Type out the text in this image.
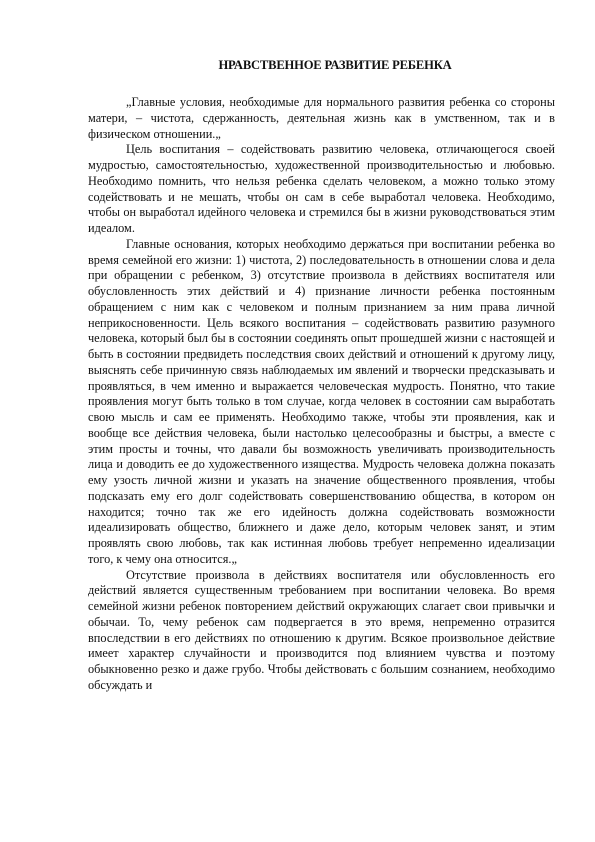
НРАВСТВЕННОЕ РАЗВИТИЕ РЕБЕНКА

„Главные условия, необходимые для нормального развития ребенка со стороны матери, – чистота, сдержанность, деятельная жизнь как в умственном, так и в физическом отношении.„

Цель воспитания – содействовать развитию человека, отличающегося своей мудростью, самостоятельностью, художественной производительностью и любовью. Необходимо помнить, что нельзя ребенка сделать человеком, а можно только этому содействовать и не мешать, чтобы он сам в себе выработал человека. Необходимо, чтобы он выработал идейного человека и стремился бы в жизни руководствоваться этим идеалом.

Главные основания, которых необходимо держаться при воспитании ребенка во время семейной его жизни: 1) чистота, 2) последовательность в отношении слова и дела при обращении с ребенком, 3) отсутствие произвола в действиях воспитателя или обусловленность этих действий и 4) признание личности ребенка постоянным обращением с ним как с человеком и полным признанием за ним права личной неприкосновенности. Цель всякого воспитания – содействовать развитию разумного человека, который был бы в состоянии соединять опыт прошедшей жизни с настоящей и быть в состоянии предвидеть последствия своих действий и отношений к другому лицу, выяснять себе причинную связь наблюдаемых им явлений и творчески предсказывать и проявляться, в чем именно и выражается человеческая мудрость. Понятно, что такие проявления могут быть только в том случае, когда человек в состоянии сам выработать свою мысль и сам ее применять. Необходимо также, чтобы эти проявления, как и вообще все действия человека, были настолько целесообразны и быстры, а вместе с этим просты и точны, что давали бы возможность увеличивать производительность лица и доводить ее до художественного изящества. Мудрость человека должна показать ему узость личной жизни и указать на значение общественного проявления, чтобы подсказать ему его долг содействовать совершенствованию общества, в котором он находится; точно так же его идейность должна содействовать возможности идеализировать общество, ближнего и даже дело, которым человек занят, и этим проявлять свою любовь, так как истинная любовь требует непременно идеализации того, к чему она относится.„

Отсутствие произвола в действиях воспитателя или обусловленность его действий является существенным требованием при воспитании человека. Во время семейной жизни ребенок повторением действий окружающих слагает свои привычки и обычаи. То, чему ребенок сам подвергается в это время, непременно отразится впоследствии в его действиях по отношению к другим. Всякое произвольное действие имеет характер случайности и производится под влиянием чувства и поэтому обыкновенно резко и даже грубо. Чтобы действовать с большим сознанием, необходимо обсуждать и
